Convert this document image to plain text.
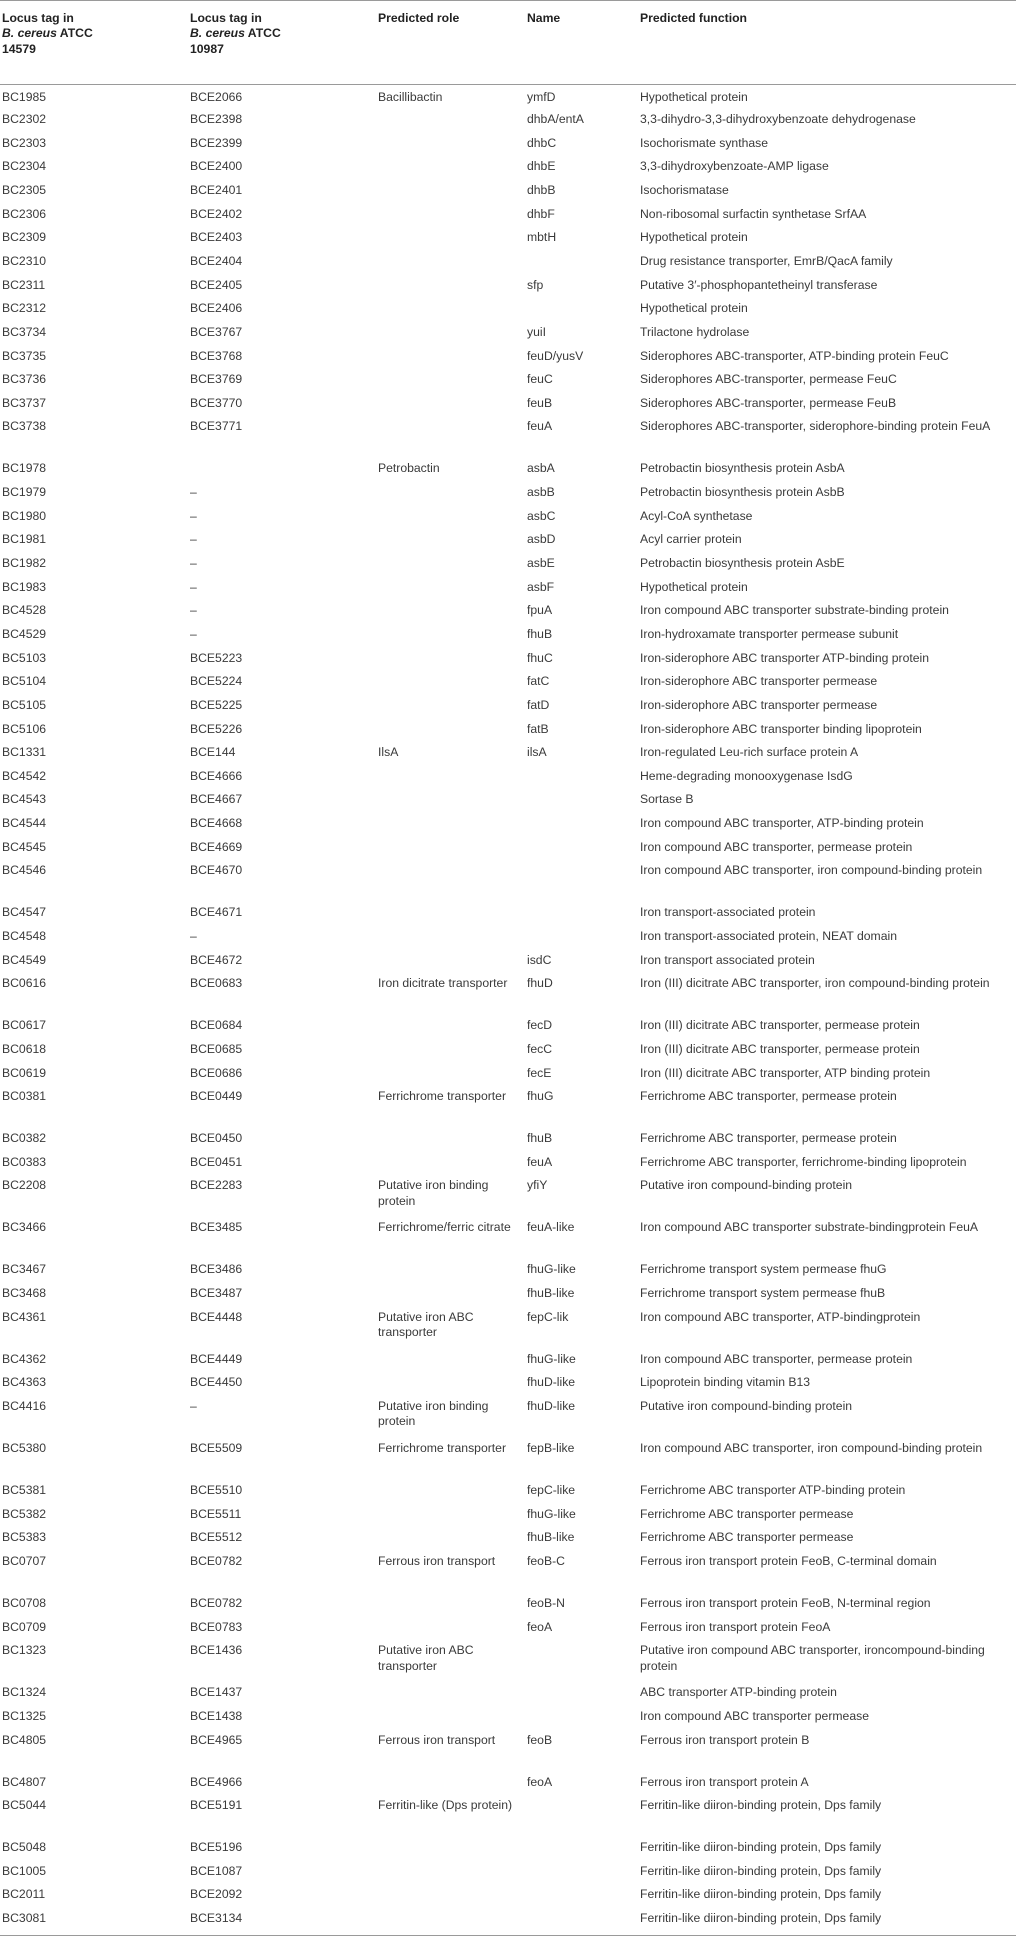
Locus tag in
B. cereus ATCC
14579	Locus tag in
B. cereus ATCC
10987	Predicted role	Name	Predicted function
BC1985	BCE2066	Bacillibactin	ymfD	Hypothetical protein
BC2302	BCE2398		dhbA/entA	3,3-dihydro-3,3-dihydroxybenzoate dehydrogenase
BC2303	BCE2399		dhbC	Isochorismate synthase
BC2304	BCE2400		dhbE	3,3-dihydroxybenzoate-AMP ligase
BC2305	BCE2401		dhbB	Isochorismatase
BC2306	BCE2402		dhbF	Non-ribosomal surfactin synthetase SrfAA
BC2309	BCE2403		mbtH	Hypothetical protein
BC2310	BCE2404			Drug resistance transporter, EmrB/QacA family
BC2311	BCE2405		sfp	Putative 3′-phosphopantetheinyl transferase
BC2312	BCE2406			Hypothetical protein
BC3734	BCE3767		yuiI	Trilactone hydrolase
BC3735	BCE3768		feuD/yusV	Siderophores ABC-transporter, ATP-binding protein FeuC
BC3736	BCE3769		feuC	Siderophores ABC-transporter, permease FeuC
BC3737	BCE3770		feuB	Siderophores ABC-transporter, permease FeuB
BC3738	BCE3771		feuA	Siderophores ABC-transporter, siderophore-binding protein FeuA
BC1978		Petrobactin	asbA	Petrobactin biosynthesis protein AsbA
BC1979	–		asbB	Petrobactin biosynthesis protein AsbB
BC1980	–		asbC	Acyl-CoA synthetase
BC1981	–		asbD	Acyl carrier protein
BC1982	–		asbE	Petrobactin biosynthesis protein AsbE
BC1983	–		asbF	Hypothetical protein
BC4528	–		fpuA	Iron compound ABC transporter substrate-binding protein
BC4529	–		fhuB	Iron-hydroxamate transporter permease subunit
BC5103	BCE5223		fhuC	Iron-siderophore ABC transporter ATP-binding protein
BC5104	BCE5224		fatC	Iron-siderophore ABC transporter permease
BC5105	BCE5225		fatD	Iron-siderophore ABC transporter permease
BC5106	BCE5226		fatB	Iron-siderophore ABC transporter binding lipoprotein
BC1331	BCE144	IlsA	ilsA	Iron-regulated Leu-rich surface protein A
BC4542	BCE4666			Heme-degrading monooxygenase IsdG
BC4543	BCE4667			Sortase B
BC4544	BCE4668			Iron compound ABC transporter, ATP-binding protein
BC4545	BCE4669			Iron compound ABC transporter, permease protein
BC4546	BCE4670			Iron compound ABC transporter, iron compound-binding protein
BC4547	BCE4671			Iron transport-associated protein
BC4548	–			Iron transport-associated protein, NEAT domain
BC4549	BCE4672		isdC	Iron transport associated protein
BC0616	BCE0683	Iron dicitrate transporter	fhuD	Iron (III) dicitrate ABC transporter, iron compound-binding protein
BC0617	BCE0684		fecD	Iron (III) dicitrate ABC transporter, permease protein
BC0618	BCE0685		fecC	Iron (III) dicitrate ABC transporter, permease protein
BC0619	BCE0686		fecE	Iron (III) dicitrate ABC transporter, ATP binding protein
BC0381	BCE0449	Ferrichrome transporter	fhuG	Ferrichrome ABC transporter, permease protein
BC0382	BCE0450		fhuB	Ferrichrome ABC transporter, permease protein
BC0383	BCE0451		feuA	Ferrichrome ABC transporter, ferrichrome-binding lipoprotein
BC2208	BCE2283	Putative iron binding protein	yfiY	Putative iron compound-binding protein
BC3466	BCE3485	Ferrichrome/ferric citrate	feuA-like	Iron compound ABC transporter substrate-bindingprotein FeuA
BC3467	BCE3486		fhuG-like	Ferrichrome transport system permease fhuG
BC3468	BCE3487		fhuB-like	Ferrichrome transport system permease fhuB
BC4361	BCE4448	Putative iron ABC transporter	fepC-lik	Iron compound ABC transporter, ATP-bindingprotein
BC4362	BCE4449		fhuG-like	Iron compound ABC transporter, permease protein
BC4363	BCE4450		fhuD-like	Lipoprotein binding vitamin B13
BC4416	–	Putative iron binding protein	fhuD-like	Putative iron compound-binding protein
BC5380	BCE5509	Ferrichrome transporter	fepB-like	Iron compound ABC transporter, iron compound-binding protein
BC5381	BCE5510		fepC-like	Ferrichrome ABC transporter ATP-binding protein
BC5382	BCE5511		fhuG-like	Ferrichrome ABC transporter permease
BC5383	BCE5512		fhuB-like	Ferrichrome ABC transporter permease
BC0707	BCE0782	Ferrous iron transport	feoB-C	Ferrous iron transport protein FeoB, C-terminal domain
BC0708	BCE0782		feoB-N	Ferrous iron transport protein FeoB, N-terminal region
BC0709	BCE0783		feoA	Ferrous iron transport protein FeoA
BC1323	BCE1436	Putative iron ABC transporter		Putative iron compound ABC transporter, ironcompound-binding protein
BC1324	BCE1437			ABC transporter ATP-binding protein
BC1325	BCE1438			Iron compound ABC transporter permease
BC4805	BCE4965	Ferrous iron transport	feoB	Ferrous iron transport protein B
BC4807	BCE4966		feoA	Ferrous iron transport protein A
BC5044	BCE5191	Ferritin-like (Dps protein)		Ferritin-like diiron-binding protein, Dps family
BC5048	BCE5196			Ferritin-like diiron-binding protein, Dps family
BC1005	BCE1087			Ferritin-like diiron-binding protein, Dps family
BC2011	BCE2092			Ferritin-like diiron-binding protein, Dps family
BC3081	BCE3134			Ferritin-like diiron-binding protein, Dps family
